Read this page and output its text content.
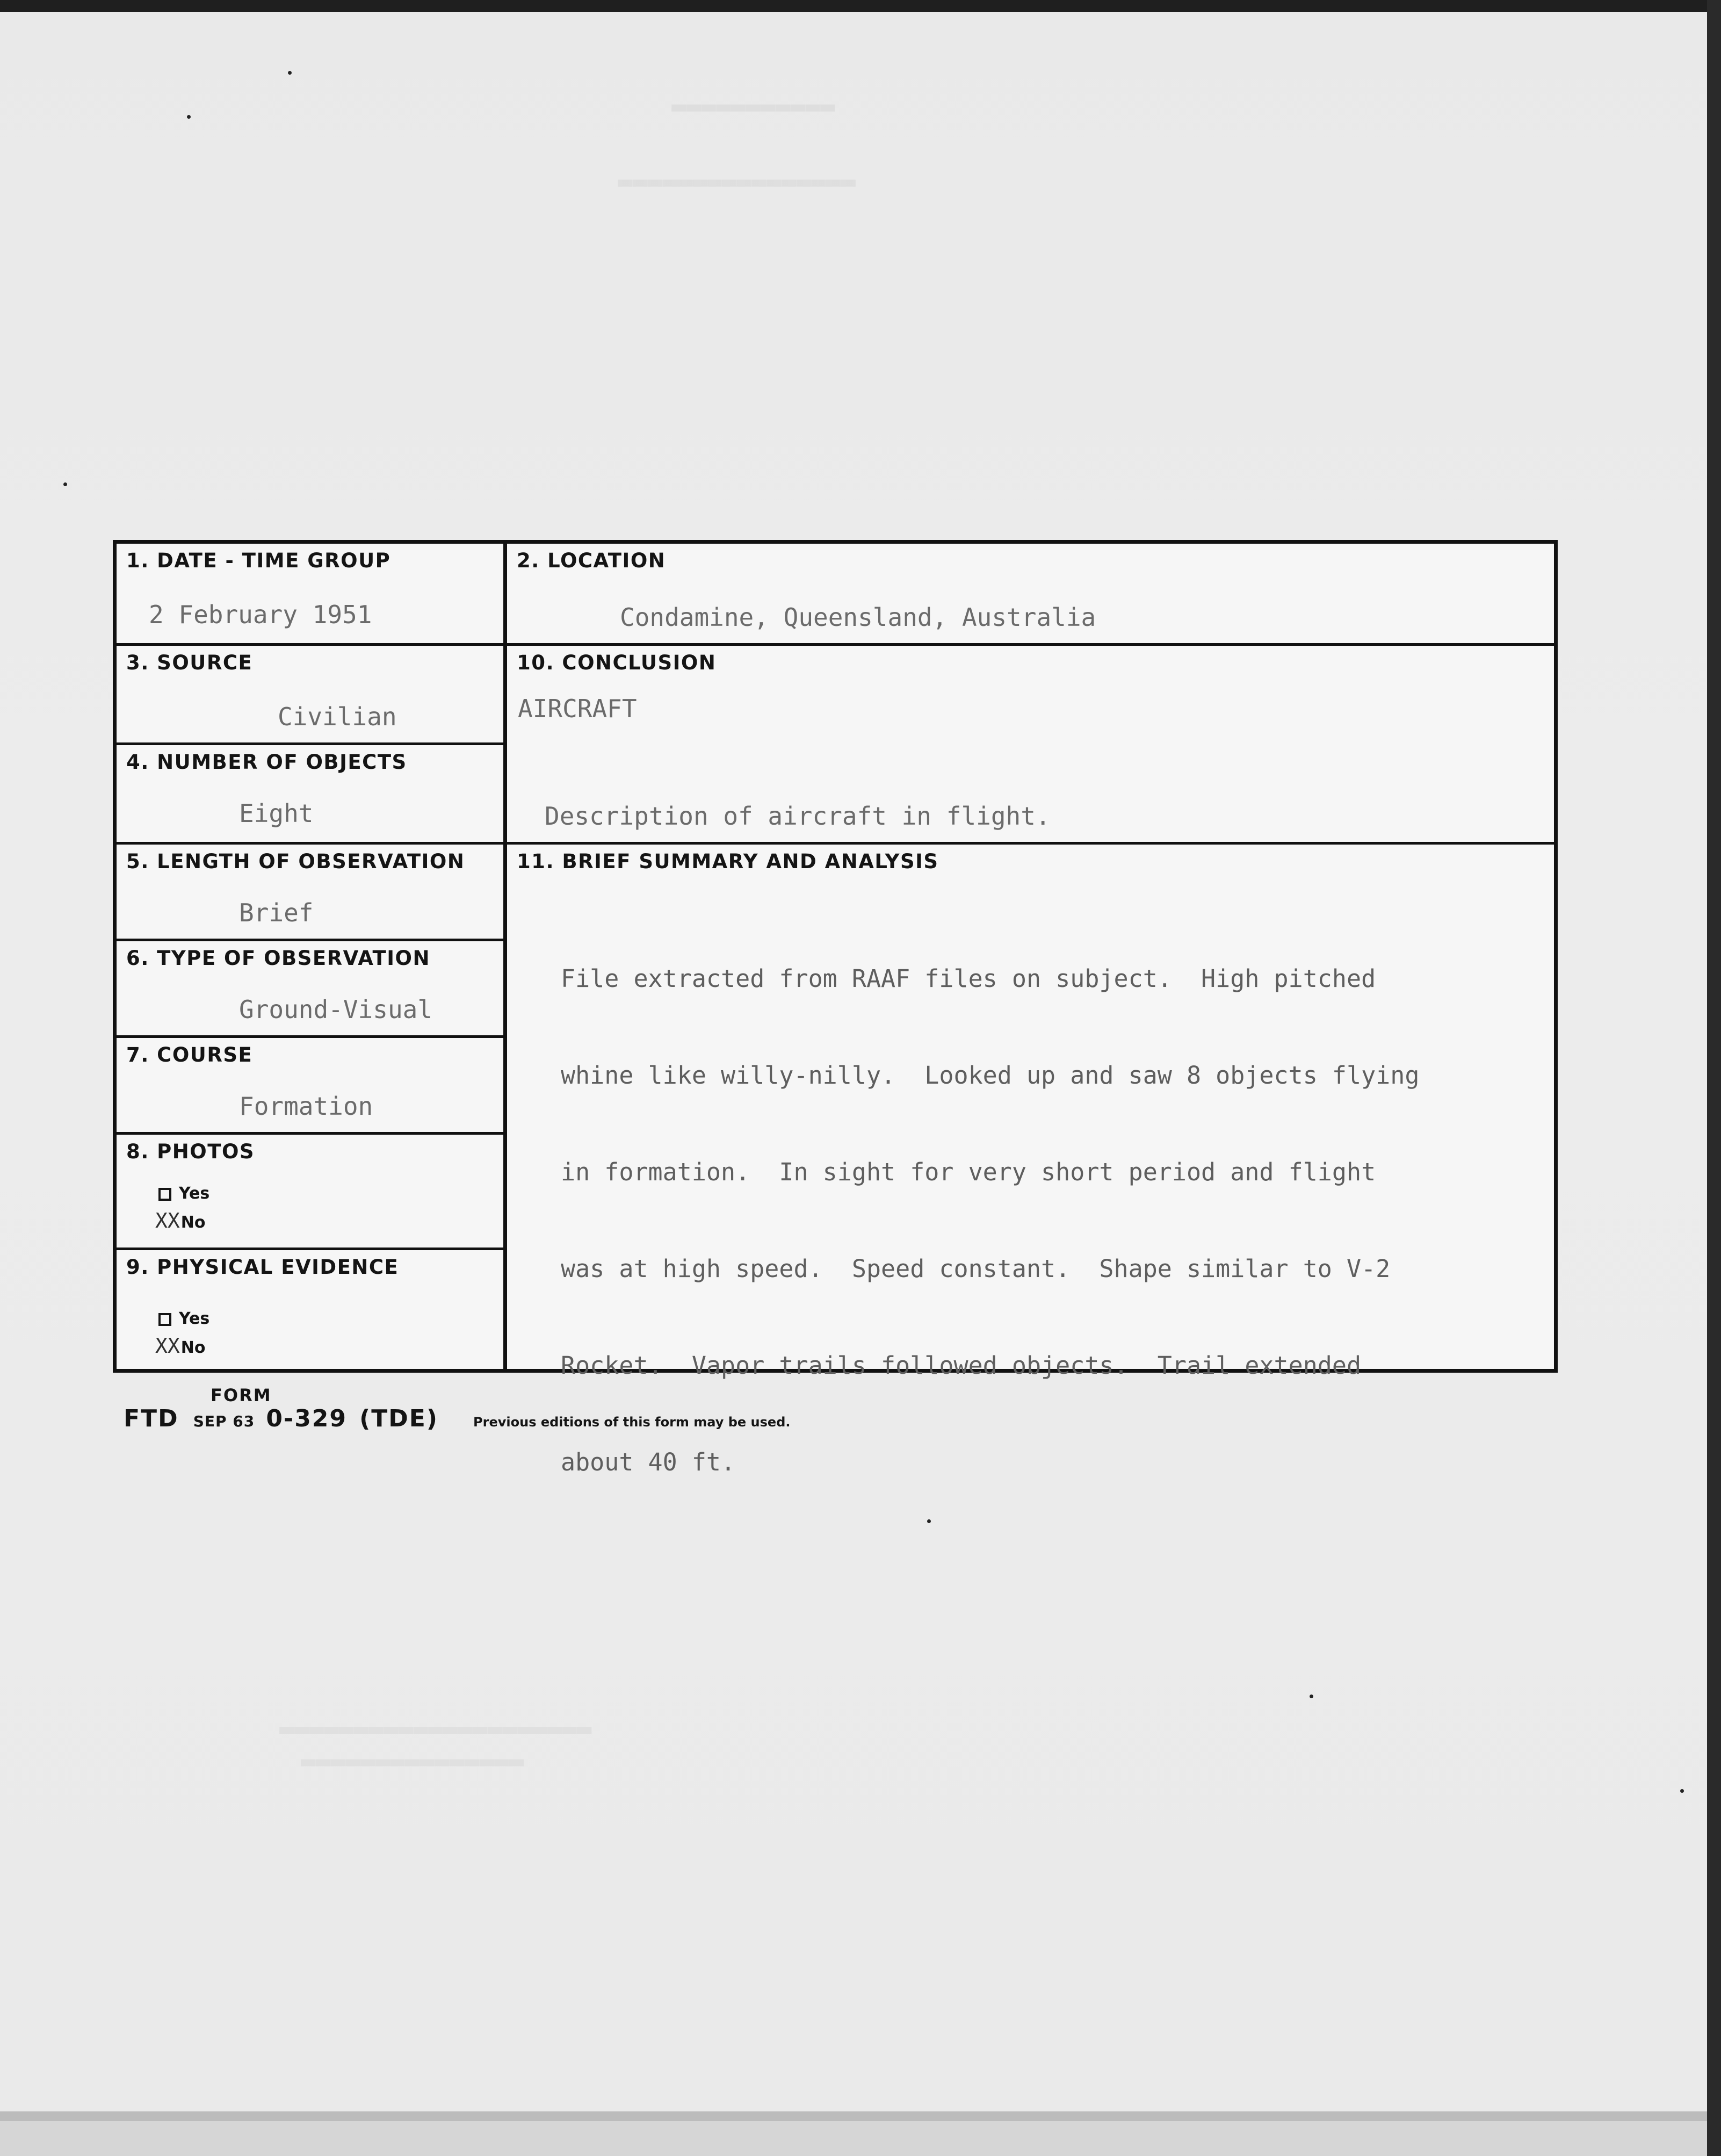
1. DATE - TIME GROUP
2 February 1951
3. SOURCE
Civilian
4. NUMBER OF OBJECTS
Eight
5. LENGTH OF OBSERVATION
Brief
6. TYPE OF OBSERVATION
Ground-Visual
7. COURSE
Formation
8. PHOTOS
Yes
XXNo
9. PHYSICAL EVIDENCE
Yes
XXNo
2. LOCATION
Condamine, Queensland, Australia
10. CONCLUSION
AIRCRAFT
Description of aircraft in flight.
11. BRIEF SUMMARY AND ANALYSIS

File extracted from RAAF files on subject.  High pitched

whine like willy-nilly.  Looked up and saw 8 objects flying

in formation.  In sight for very short period and flight

was at high speed.  Speed constant.  Shape similar to V-2

Rocket.  Vapor trails followed objects.  Trail extended

about 40 ft.

FORM
FTD SEP 63 0-329 (TDE)	Previous editions of this form may be used.
